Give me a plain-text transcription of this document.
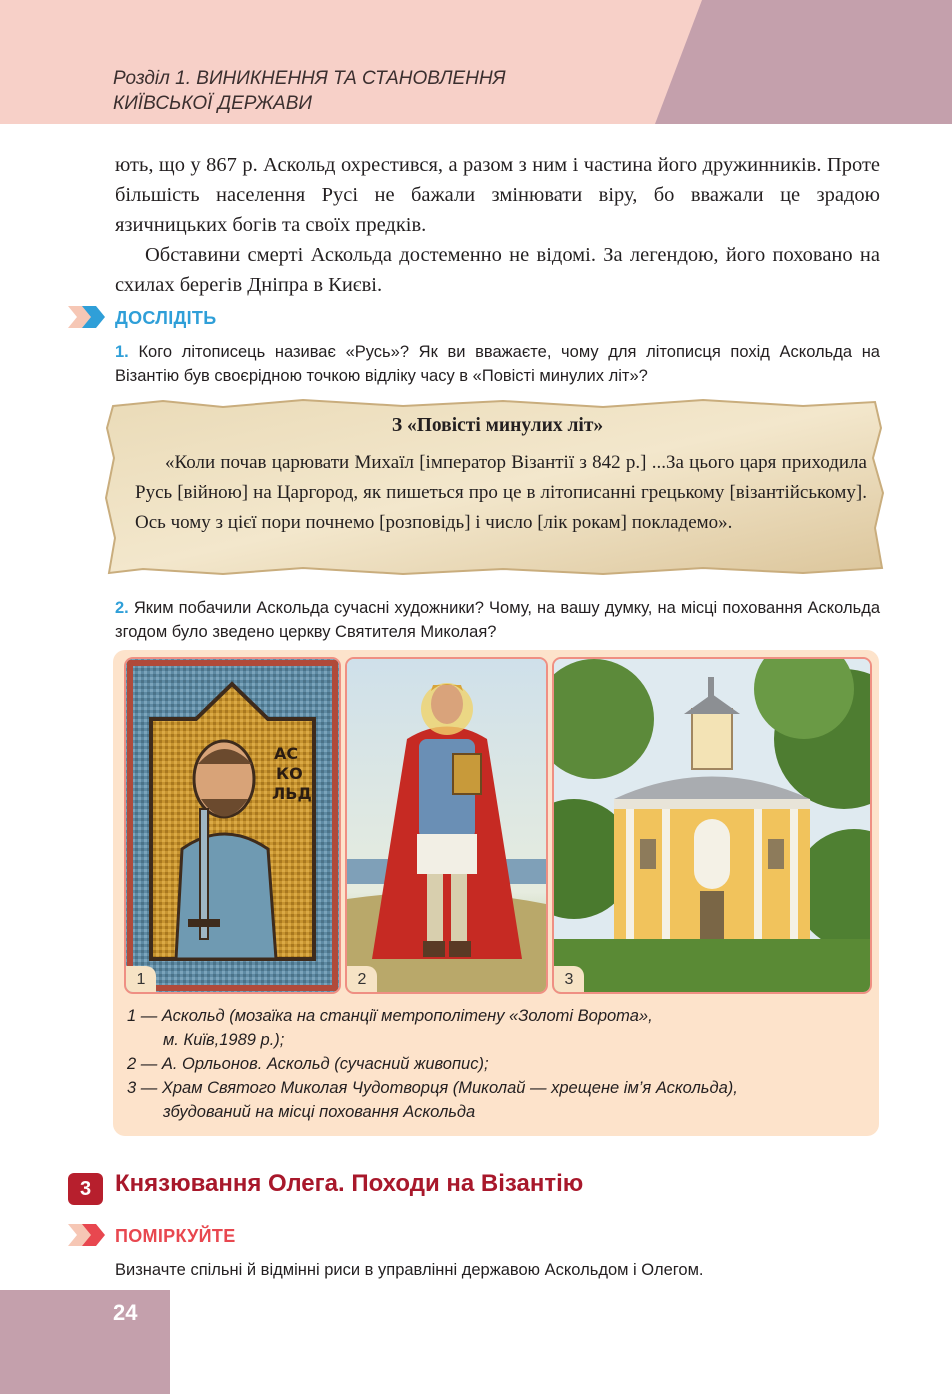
Розділ 1. ВИНИКНЕННЯ ТА СТАНОВЛЕННЯ
КИЇВСЬКОЇ ДЕРЖАВИ

ють, що у 867 р. Аскольд охрестився, а разом з ним і частина його дружинників. Проте більшість населення Русі не бажали змінювати віру, бо вважали це зрадою язичницьких богів та своїх предків.

Обставини смерті Аскольда достеменно не відомі. За легендою, його поховано на схилах берегів Дніпра в Києві.

ДОСЛІДІТЬ
1. Кого літописець називає «Русь»? Як ви вважаєте, чому для літописця похід Аскольда на Візантію був своєрідною точкою відліку часу в «Повісті минулих літ»?
З «Повісті минулих літ»

«Коли почав царювати Михаїл [імператор Візантії з 842 р.] ...За цього царя приходила Русь [війною] на Царгород, як пишеться про це в літописанні грецькому [візантійському]. Ось чому з цієї пори почнемо [розповідь] і число [лік рокам] покладемо».

2. Яким побачили Аскольда сучасні художники? Чому, на вашу думку, на місці поховання Аскольда згодом було зведено церкву Святителя Миколая?
АС
КО
ЛЬД
1	2	3
1 — Аскольд (мозаїка на станції метрополітену «Золоті Ворота»,
м. Київ,1989 р.);
2 — А. Орльонов. Аскольд (сучасний живопис);
3 — Храм Святого Миколая Чудотворця (Миколай — хрещене ім’я Аскольда),
збудований на місці поховання Аскольда
3 Князювання Олега. Походи на Візантію
ПОМІРКУЙТЕ
Визначте спільні й відмінні риси в управлінні державою Аскольдом і Олегом.
24
